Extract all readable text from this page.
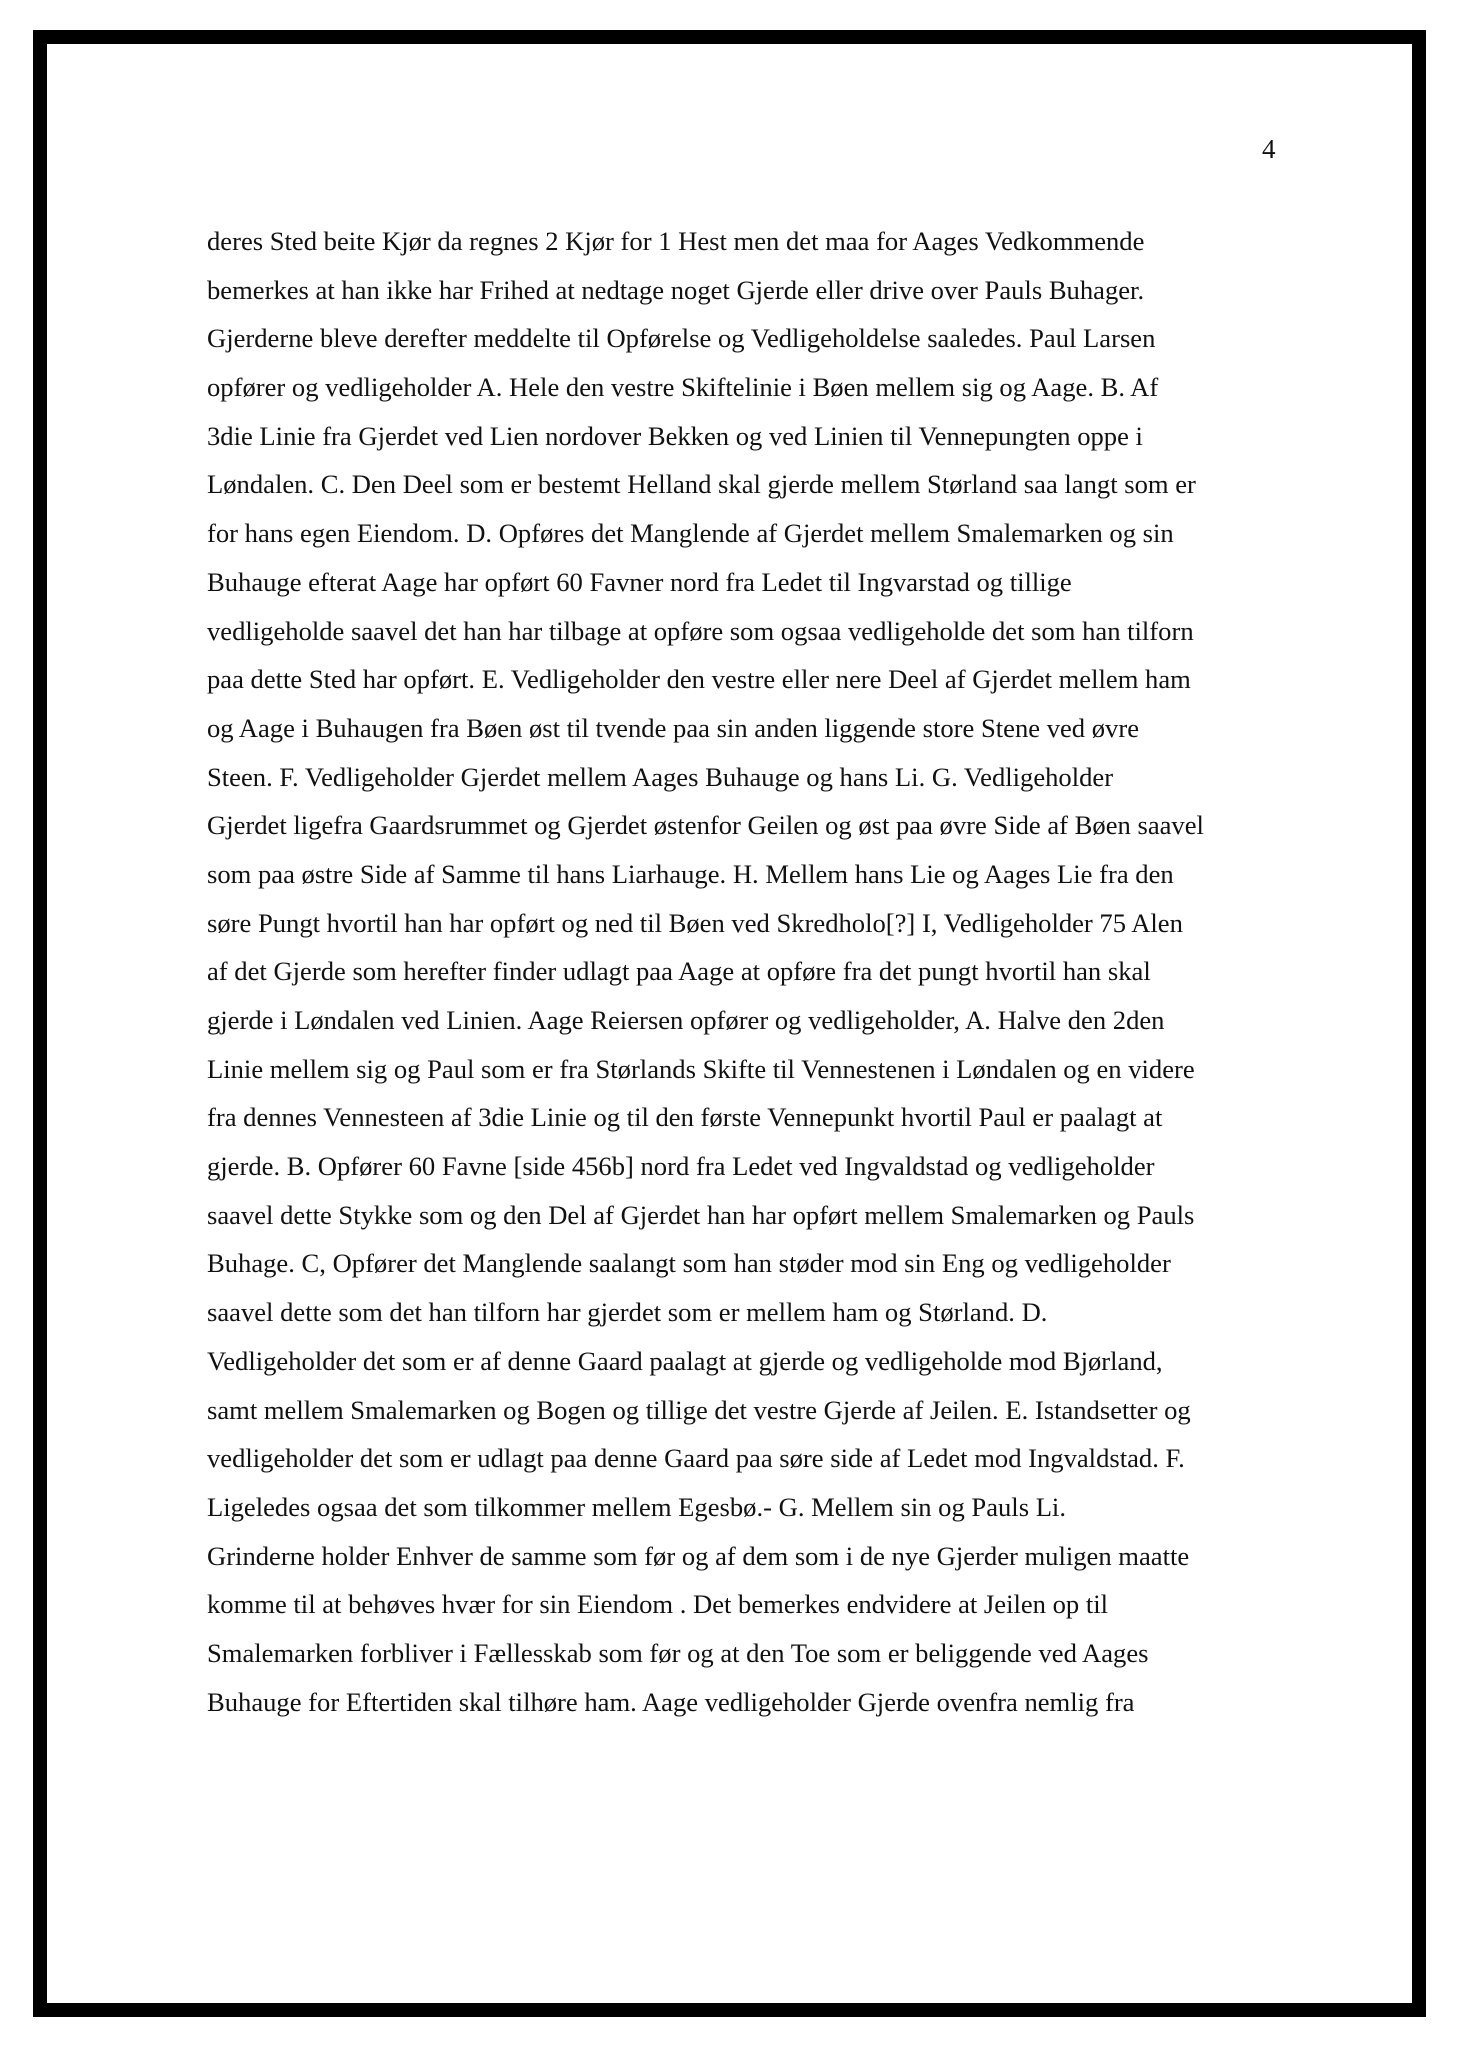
4
deres Sted beite Kjør da regnes 2 Kjør for 1 Hest men det maa for Aages Vedkommende
bemerkes at han ikke har Frihed at nedtage noget Gjerde eller drive over Pauls Buhager.
Gjerderne bleve derefter meddelte til Opførelse og Vedligeholdelse saaledes. Paul Larsen
opfører og vedligeholder A. Hele den vestre Skiftelinie i Bøen mellem sig og Aage. B. Af
3die Linie fra Gjerdet ved Lien nordover Bekken og ved Linien til Vennepungten oppe i
Løndalen. C. Den Deel som er bestemt Helland skal gjerde mellem Størland saa langt som er
for hans egen Eiendom. D. Opføres det Manglende af Gjerdet mellem Smalemarken og sin
Buhauge efterat Aage har opført 60 Favner nord fra Ledet til Ingvarstad og tillige
vedligeholde saavel det han har tilbage at opføre som ogsaa vedligeholde det som han tilforn
paa dette Sted har opført. E. Vedligeholder den vestre eller nere Deel af Gjerdet mellem ham
og Aage i Buhaugen fra Bøen øst til tvende paa sin anden liggende store Stene ved øvre
Steen. F. Vedligeholder Gjerdet mellem Aages Buhauge og hans Li. G. Vedligeholder
Gjerdet ligefra Gaardsrummet og Gjerdet østenfor Geilen og øst paa øvre Side af Bøen saavel
som paa østre Side af Samme til hans Liarhauge. H. Mellem hans Lie og Aages Lie fra den
søre Pungt hvortil han har opført og ned til Bøen ved Skredholo[?] I, Vedligeholder 75 Alen
af det Gjerde som herefter finder udlagt paa Aage at opføre fra det pungt hvortil han skal
gjerde i Løndalen ved Linien. Aage Reiersen opfører og vedligeholder, A. Halve den 2den
Linie mellem sig og Paul som er fra Størlands Skifte til Vennestenen i Løndalen og en videre
fra dennes Vennesteen af 3die Linie og til den første Vennepunkt hvortil Paul er paalagt at
gjerde. B. Opfører 60 Favne [side 456b] nord fra Ledet ved Ingvaldstad og vedligeholder
saavel dette Stykke som og den Del af Gjerdet han har opført mellem Smalemarken og Pauls
Buhage. C, Opfører det Manglende saalangt som han støder mod sin Eng og vedligeholder
saavel dette som det han tilforn har gjerdet som er mellem ham og Størland. D.
Vedligeholder det som er af denne Gaard paalagt at gjerde og vedligeholde mod Bjørland,
samt mellem Smalemarken og Bogen og tillige det vestre Gjerde af Jeilen. E. Istandsetter og
vedligeholder det som er udlagt paa denne Gaard paa søre side af Ledet mod Ingvaldstad. F.
Ligeledes ogsaa det som tilkommer mellem Egesbø.- G. Mellem sin og Pauls Li.
Grinderne holder Enhver de samme som før og af dem som i de nye Gjerder muligen maatte
komme til at behøves hvær for sin Eiendom . Det bemerkes endvidere at Jeilen op til
Smalemarken forbliver i Fællesskab som før og at den Toe som er beliggende ved Aages
Buhauge for Eftertiden skal tilhøre ham. Aage vedligeholder Gjerde ovenfra nemlig fra
